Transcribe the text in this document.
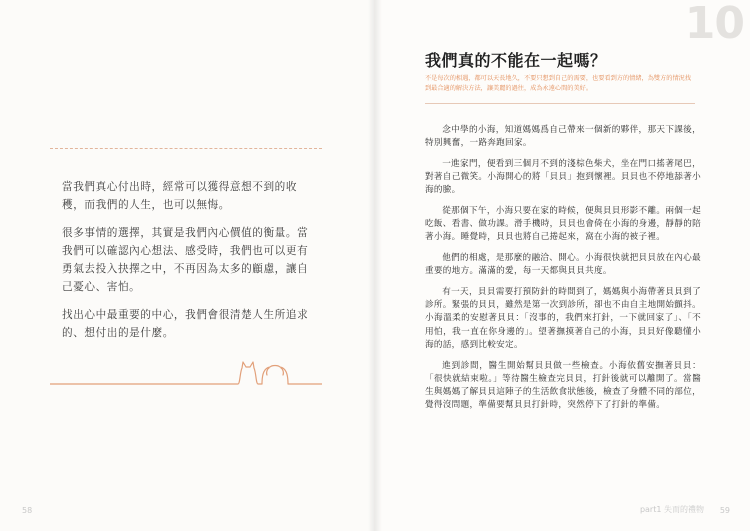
當我們真心付出時，經常可以獲得意想不到的收穫，而我們的人生，也可以無悔。

很多事情的選擇，其實是我們內心價值的衡量。當我們可以確認內心想法、感受時，我們也可以更有勇氣去投入抉擇之中，不再因為太多的顧慮，讓自己憂心、害怕。

找出心中最重要的中心，我們會很清楚人生所追求的、想付出的是什麼。

58
10
我們真的不能在一起嗎？
不是每次的相遇，都可以天長地久，不要只想到自己的需要，也要看到方的情緒，為雙方的情況找到最合適的解決方法，讓美麗的過往，成為永遠心間的美好。

念中學的小海，知道媽媽爲自己帶來一個新的夥伴，那天下課後，特別興奮，一路奔跑回家。

一進家門，便看到三個月不到的淺棕色柴犬，坐在門口搖著尾巴，對著自己微笑。小海開心的將「貝貝」抱到懷裡。貝貝也不停地舔著小海的臉。

從那個下午，小海只要在家的時候，便與貝貝形影不離。兩個一起吃飯、看書、做功課。滑手機時，貝貝也會倚在小海的身邊，靜靜的陪著小海。睡覺時，貝貝也將自己捲起來，窩在小海的被子裡。

他們的相處，是那麼的融洽、開心。小海很快就把貝貝放在內心最重要的地方。滿滿的愛，每一天都與貝貝共度。

有一天，貝貝需要打預防針的時間到了，媽媽與小海帶著貝貝到了診所。緊張的貝貝，雖然是第一次到診所，卻也不由自主地開始顫抖。小海溫柔的安慰著貝貝：「沒事的，我們來打針，一下就回家了」、「不用怕，我一直在你身邊的」。望著撫摸著自己的小海，貝貝好像聽懂小海的話，感到比較安定。

進到診間，醫生開始幫貝貝做一些檢查。小海依舊安撫著貝貝：「很快就結束啦。」等待醫生檢查完貝貝，打針後就可以離開了。當醫生與媽媽了解貝貝這陣子的生活飲食狀態後，檢查了身體不同的部位，覺得沒問題，準備要幫貝貝打針時，突然停下了打針的準備。

part1 失而的禮物 59
